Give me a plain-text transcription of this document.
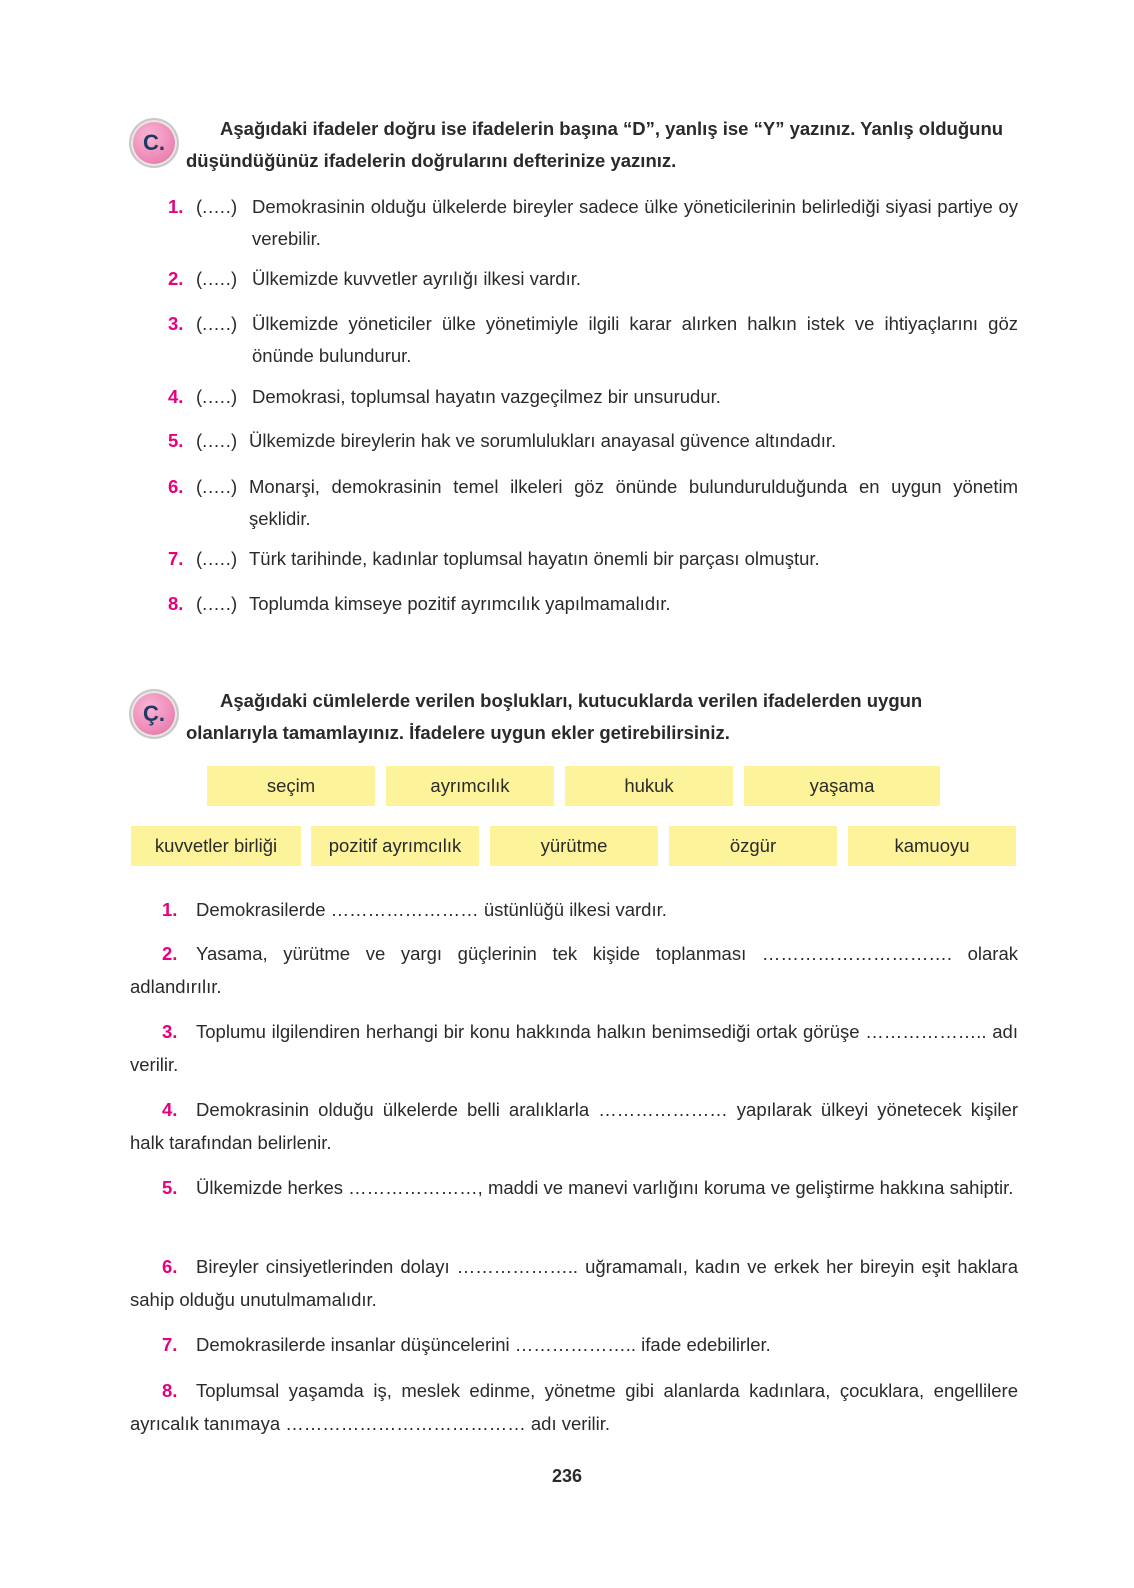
C.
Aşağıdaki ifadeler doğru ise ifadelerin başına “D”, yanlış ise “Y” yazınız. Yanlış olduğunu düşündüğünüz ifadelerin doğrularını defterinize yazınız.
1. (.….) Demokrasinin olduğu ülkelerde bireyler sadece ülke yöneticilerinin belirlediği siyasi partiye oy verebilir.
2. (.….) Ülkemizde kuvvetler ayrılığı ilkesi vardır.
3. (.….) Ülkemizde yöneticiler ülke yönetimiyle ilgili karar alırken halkın istek ve ihtiyaçlarını göz önünde bulundurur.
4. (.….) Demokrasi, toplumsal hayatın vazgeçilmez bir unsurudur.
5. (.….) Ülkemizde bireylerin hak ve sorumlulukları anayasal güvence altındadır.
6. (.….) Monarşi, demokrasinin temel ilkeleri göz önünde bulundurulduğunda en uygun yönetim şeklidir.
7. (.….) Türk tarihinde, kadınlar toplumsal hayatın önemli bir parçası olmuştur.
8. (.….) Toplumda kimseye pozitif ayrımcılık yapılmamalıdır.
Ç.
Aşağıdaki cümlelerde verilen boşlukları, kutucuklarda verilen ifadelerden uygun olanlarıyla tamamlayınız. İfadelere uygun ekler getirebilirsiniz.
seçim	ayrımcılık	hukuk	yaşama
kuvvetler birliği	pozitif ayrımcılık	yürütme	özgür	kamuoyu
1. Demokrasilerde …………………… üstünlüğü ilkesi vardır.
2. Yasama, yürütme ve yargı güçlerinin tek kişide toplanması …………………………. olarak adlandırılır.
3. Toplumu ilgilendiren herhangi bir konu hakkında halkın benimsediği ortak görüşe ……………….. adı verilir.
4. Demokrasinin olduğu ülkelerde belli aralıklarla ………………… yapılarak ülkeyi yönetecek kişiler halk tarafından belirlenir.
5. Ülkemizde herkes …………………, maddi ve manevi varlığını koruma ve geliştirme hakkına sahiptir.
6. Bireyler cinsiyetlerinden dolayı ……………….. uğramamalı, kadın ve erkek her bireyin eşit haklara sahip olduğu unutulmamalıdır.
7. Demokrasilerde insanlar düşüncelerini ……………….. ifade edebilirler.
8. Toplumsal yaşamda iş, meslek edinme, yönetme gibi alanlarda kadınlara, çocuklara, engellilere ayrıcalık tanımaya ………………………………… adı verilir.
236
